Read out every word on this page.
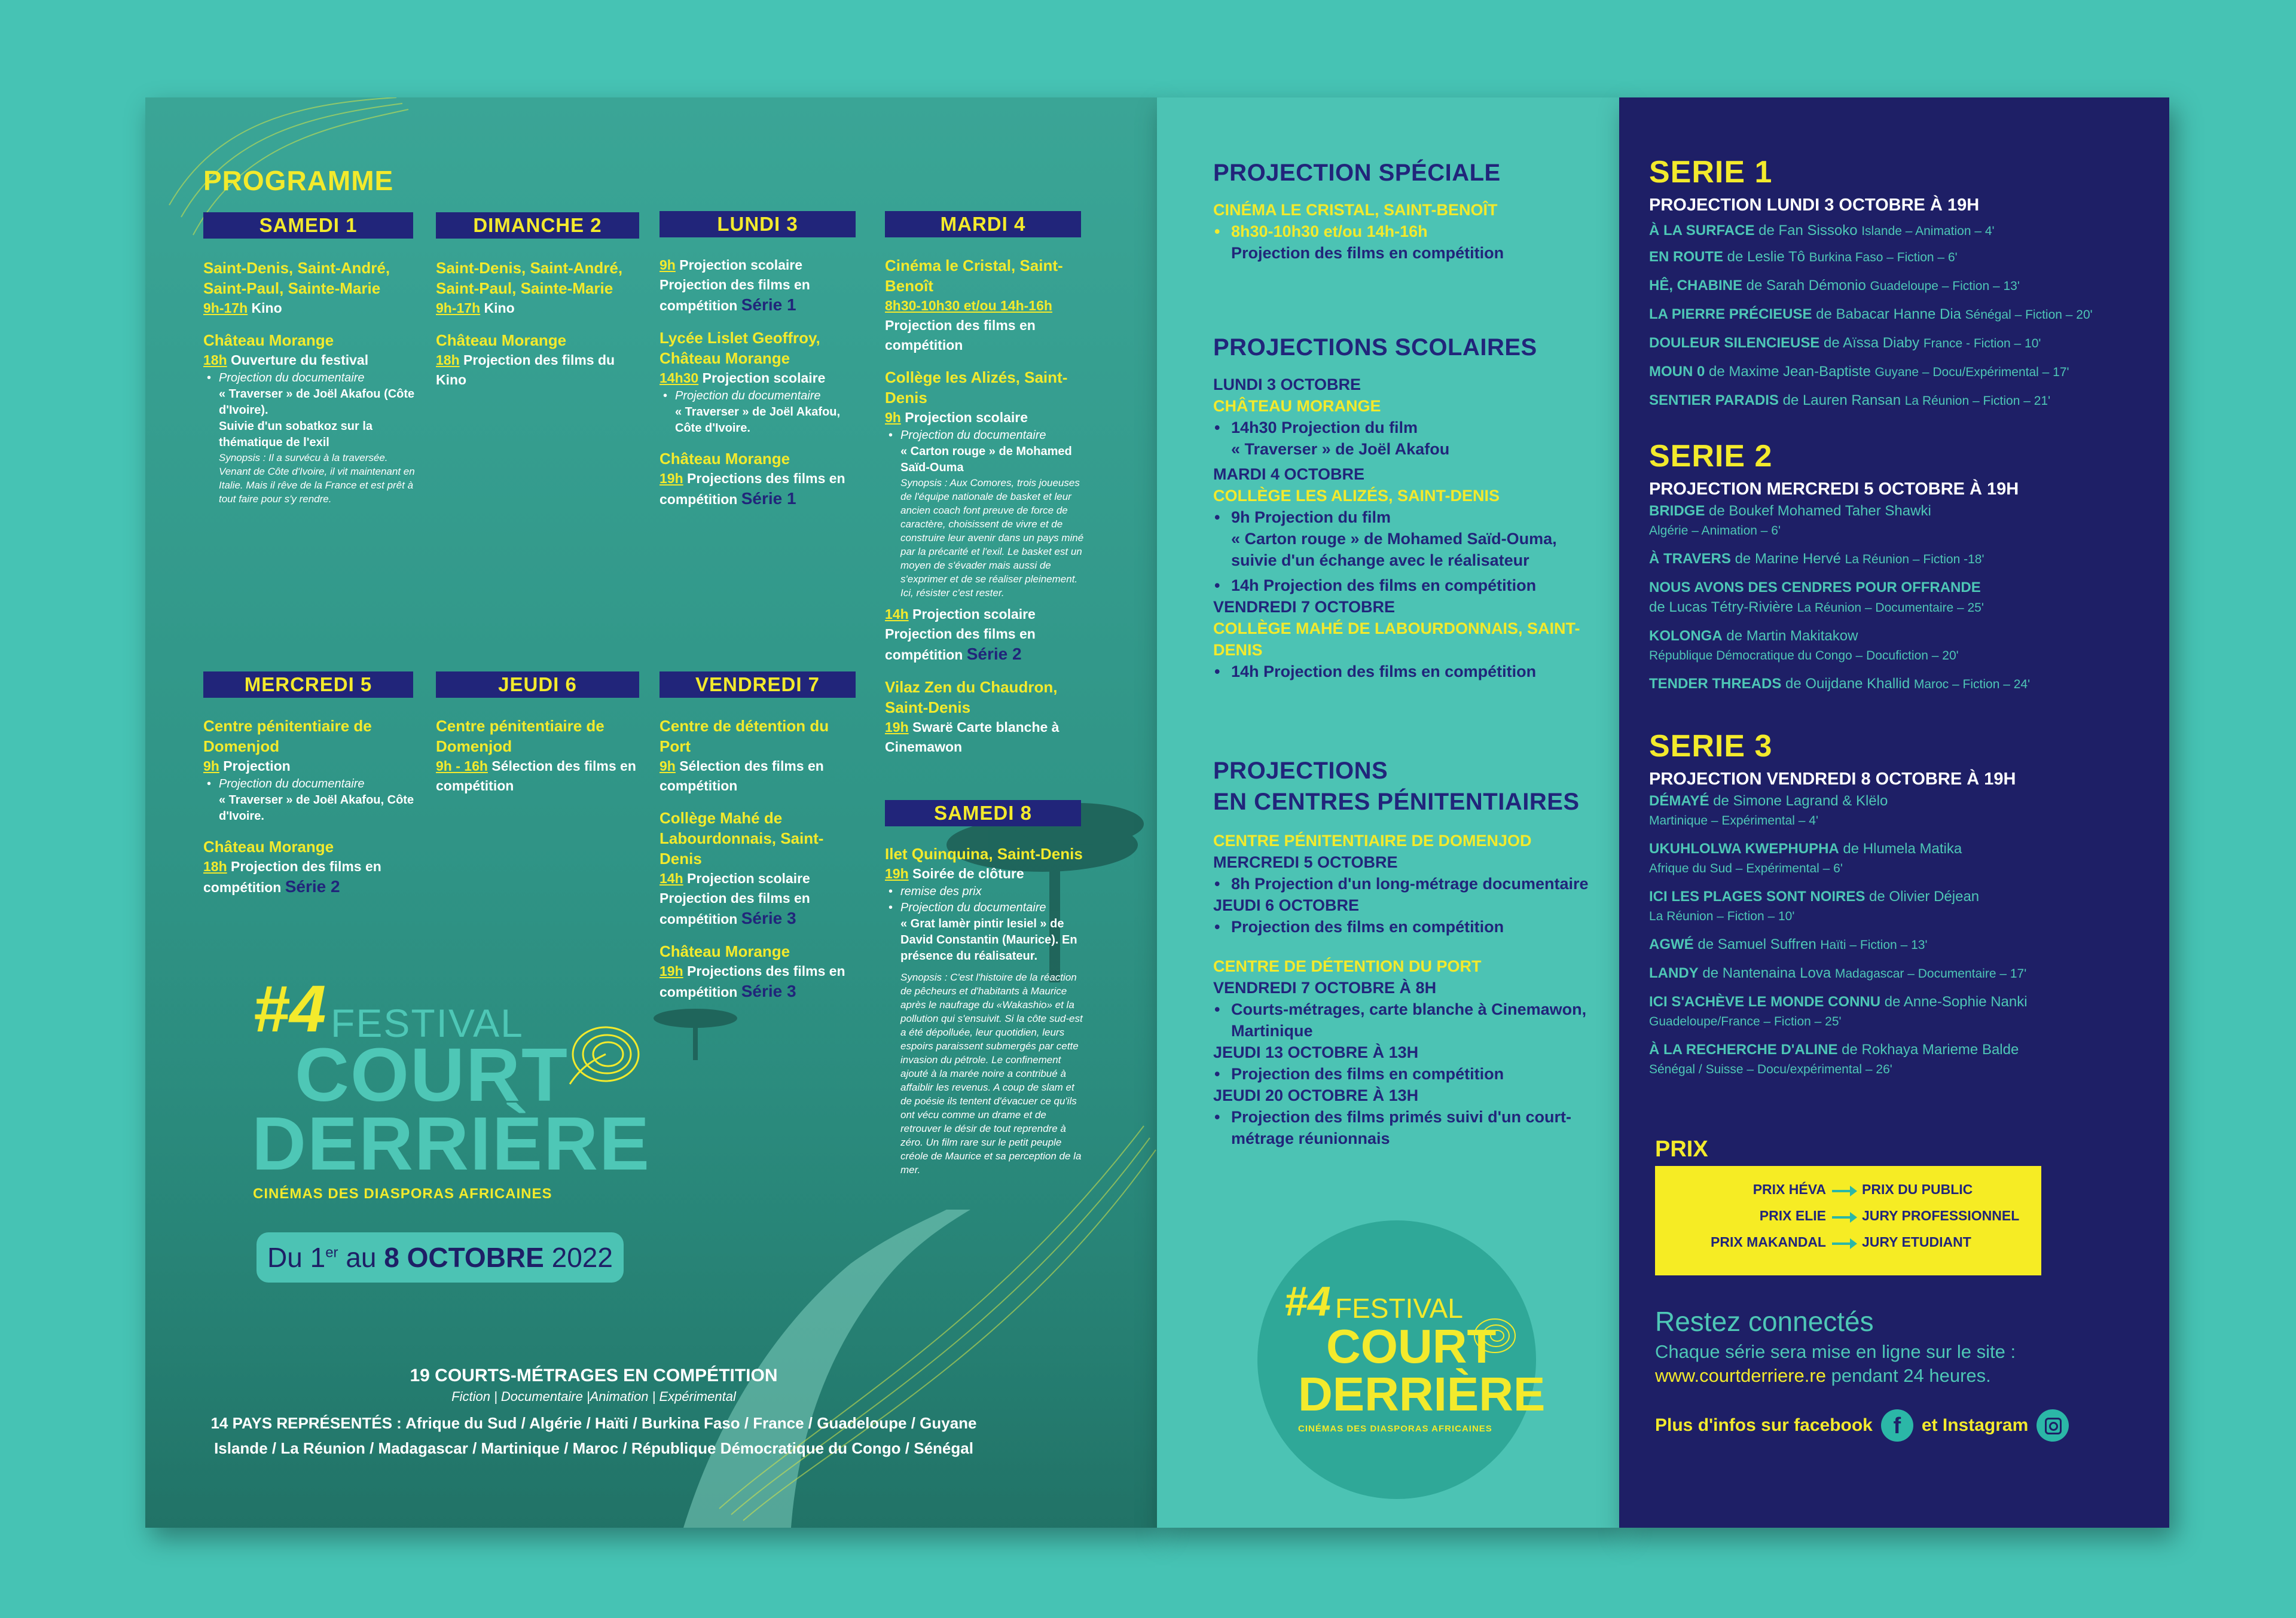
PROGRAMME
SAMEDI 1	DIMANCHE 2	LUNDI 3	MARDI 4
Saint-Denis, Saint-André, Saint-Paul, Sainte-Marie
9h-17h Kino
Château Morange
18h Ouverture du festival
• Projection du documentaire
« Traverser » de Joël Akafou (Côte d'Ivoire).
Suivie d'un sobatkoz sur la thématique de l'exil
Synopsis : Il a survécu à la traversée. Venant de Côte d'Ivoire, il vit maintenant en Italie. Mais il rêve de la France et est prêt à tout faire pour s'y rendre.
Saint-Denis, Saint-André, Saint-Paul, Sainte-Marie
9h-17h Kino
Château Morange
18h Projection des films du Kino
9h Projection scolaire Projection des films en compétition Série 1
Lycée Lislet Geoffroy, Château Morange
14h30 Projection scolaire
• Projection du documentaire
« Traverser » de Joël Akafou, Côte d'Ivoire.
Château Morange
19h Projections des films en compétition Série 1
Cinéma le Cristal, Saint-Benoît
8h30-10h30 et/ou 14h-16h
Projection des films en compétition
Collège les Alizés, Saint-Denis
9h Projection scolaire
• Projection du documentaire
« Carton rouge » de Mohamed Saïd-Ouma
Synopsis : Aux Comores, trois joueuses de l'équipe nationale de basket et leur ancien coach font preuve de force de caractère, choisissent de vivre et de construire leur avenir dans un pays miné par la précarité et l'exil. Le basket est un moyen de s'évader mais aussi de s'exprimer et de se réaliser pleinement. Ici, résister c'est rester.
14h Projection scolaire Projection des films en compétition Série 2
Vilaz Zen du Chaudron, Saint-Denis
19h Swarë Carte blanche à Cinemawon
MERCREDI 5	JEUDI 6	VENDREDI 7
SAMEDI 8
Centre pénitentiaire de Domenjod
9h Projection
• Projection du documentaire
« Traverser » de Joël Akafou, Côte d'Ivoire.
Château Morange
18h Projection des films en compétition Série 2
Centre pénitentiaire de Domenjod
9h - 16h Sélection des films en compétition
Centre de détention du Port
9h Sélection des films en compétition
Collège Mahé de Labourdonnais, Saint-Denis
14h Projection scolaire Projection des films en compétition Série 3
Château Morange
19h Projections des films en compétition Série 3
Ilet Quinquina, Saint-Denis
19h Soirée de clôture
• remise des prix
• Projection du documentaire
« Grat lamèr pintir lesiel » de David Constantin (Maurice). En présence du réalisateur.
Synopsis : C'est l'histoire de la réaction de pêcheurs et d'habitants à Maurice après le naufrage du «Wakashio» et la pollution qui s'ensuivit. Si la côte sud-est a été dépolluée, leur quotidien, leurs espoirs paraissent submergés par cette invasion du pétrole. Le confinement ajouté à la marée noire a contribué à affaiblir les revenus. A coup de slam et de poésie ils tentent d'évacuer ce qu'ils ont vécu comme un drame et de retrouver le désir de tout reprendre à zéro. Un film rare sur le petit peuple créole de Maurice et sa perception de la mer.
#4 FESTIVAL
COURT
DERRIÈRE
CINÉMAS DES DIASPORAS AFRICAINES
Du 1er au 8 OCTOBRE 2022
19 COURTS-MÉTRAGES EN COMPÉTITION
Fiction | Documentaire |Animation | Expérimental
14 PAYS REPRÉSENTÉS : Afrique du Sud / Algérie / Haïti / Burkina Faso / France / Guadeloupe / Guyane
Islande / La Réunion / Madagascar / Martinique / Maroc / République Démocratique du Congo / Sénégal
PROJECTION SPÉCIALE
CINÉMA LE CRISTAL, SAINT-BENOÎT
• 8h30-10h30 et/ou 14h-16h
Projection des films en compétition
PROJECTIONS SCOLAIRES
LUNDI 3 OCTOBRE
CHÂTEAU MORANGE
• 14h30 Projection du film
« Traverser » de Joël Akafou
MARDI 4 OCTOBRE
COLLÈGE LES ALIZÉS, SAINT-DENIS
• 9h Projection du film
« Carton rouge » de Mohamed Saïd-Ouma, suivie d'un échange avec le réalisateur
• 14h Projection des films en compétition
VENDREDI 7 OCTOBRE
COLLÈGE MAHÉ DE LABOURDONNAIS, SAINT-DENIS
• 14h Projection des films en compétition
PROJECTIONS
EN CENTRES PÉNITENTIAIRES
CENTRE PÉNITENTIAIRE DE DOMENJOD
MERCREDI 5 OCTOBRE
• 8h Projection d'un long-métrage documentaire
JEUDI 6 OCTOBRE
• Projection des films en compétition
CENTRE DE DÉTENTION DU PORT
VENDREDI 7 OCTOBRE À 8H
• Courts-métrages, carte blanche à Cinemawon, Martinique
JEUDI 13 OCTOBRE À 13H
• Projection des films en compétition
JEUDI 20 OCTOBRE À 13H
• Projection des films primés suivi d'un court-métrage réunionnais
#4 FESTIVAL
COURT
DERRIÈRE
CINÉMAS DES DIASPORAS AFRICAINES
SERIE 1
PROJECTION LUNDI 3 OCTOBRE À 19H
À LA SURFACE de Fan Sissoko Islande – Animation – 4'
EN ROUTE de Leslie Tô Burkina Faso – Fiction – 6'
HÊ, CHABINE de Sarah Démonio Guadeloupe – Fiction – 13'
LA PIERRE PRÉCIEUSE de Babacar Hanne Dia Sénégal – Fiction – 20'
DOULEUR SILENCIEUSE de Aïssa Diaby France - Fiction – 10'
MOUN 0 de Maxime Jean-Baptiste Guyane – Docu/Expérimental – 17'
SENTIER PARADIS de Lauren Ransan La Réunion – Fiction – 21'
SERIE 2
PROJECTION MERCREDI 5 OCTOBRE À 19H
BRIDGE de Boukef Mohamed Taher Shawki
Algérie – Animation – 6'
À TRAVERS de Marine Hervé La Réunion – Fiction -18'
NOUS AVONS DES CENDRES POUR OFFRANDE
de Lucas Tétry-Rivière La Réunion – Documentaire – 25'
KOLONGA de Martin Makitakow
République Démocratique du Congo – Docufiction – 20'
TENDER THREADS de Ouijdane Khallid Maroc – Fiction – 24'
SERIE 3
PROJECTION VENDREDI 8 OCTOBRE À 19H
DÉMAYÉ de Simone Lagrand & Klëlo
Martinique – Expérimental – 4'
UKUHLOLWA KWEPHUPHA de Hlumela Matika
Afrique du Sud – Expérimental – 6'
ICI LES PLAGES SONT NOIRES de Olivier Déjean
La Réunion – Fiction – 10'
AGWÉ de Samuel Suffren Haïti – Fiction – 13'
LANDY de Nantenaina Lova Madagascar – Documentaire – 17'
ICI S'ACHÈVE LE MONDE CONNU de Anne-Sophie Nanki
Guadeloupe/France – Fiction – 25'
À LA RECHERCHE D'ALINE de Rokhaya Marieme Balde
Sénégal / Suisse – Docu/expérimental – 26'
PRIX
PRIX HÉVA	PRIX DU PUBLIC
PRIX ELIE	JURY PROFESSIONNEL
PRIX MAKANDAL	JURY ETUDIANT
Restez connectés
Chaque série sera mise en ligne sur le site :
www.courtderriere.re pendant 24 heures.
Plus d'infos sur facebook f	et Instagram
